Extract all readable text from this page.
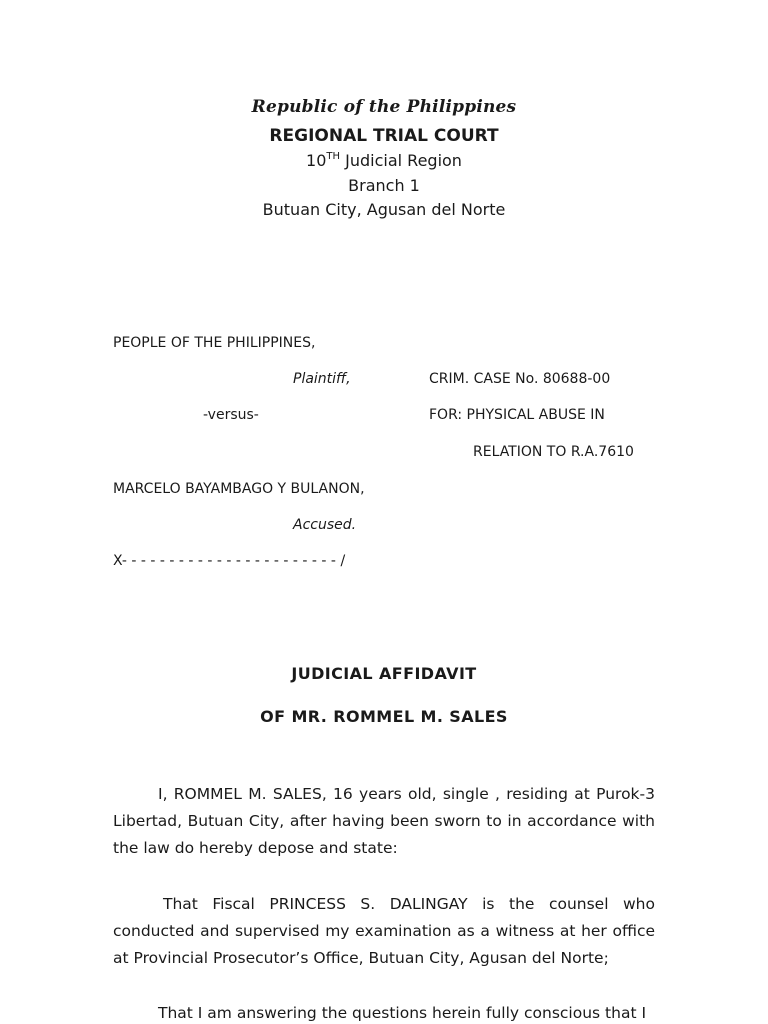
Republic of the Philippines
REGIONAL TRIAL COURT
10TH Judicial Region
Branch 1
Butuan City, Agusan del Norte
PEOPLE OF THE PHILIPPINES,
Plaintiff,	CRIM. CASE No. 80688-00
-versus-	FOR: PHYSICAL ABUSE IN
RELATION TO R.A.7610
MARCELO BAYAMBAGO Y BULANON,
Accused.
X- - - - - - - - - - - - - - - - - - - - - - - /
JUDICIAL AFFIDAVIT
OF MR. ROMMEL M. SALES

I, ROMMEL M. SALES, 16 years old, single , residing at Purok-3 Libertad, Butuan City, after having been sworn to in accordance with the law do hereby depose and state:

That Fiscal PRINCESS S. DALINGAY is the counsel who conducted and supervised my examination as a witness at her office at Provincial Prosecutor’s Office, Butuan City, Agusan del Norte;

That I am answering the questions herein fully conscious that I
